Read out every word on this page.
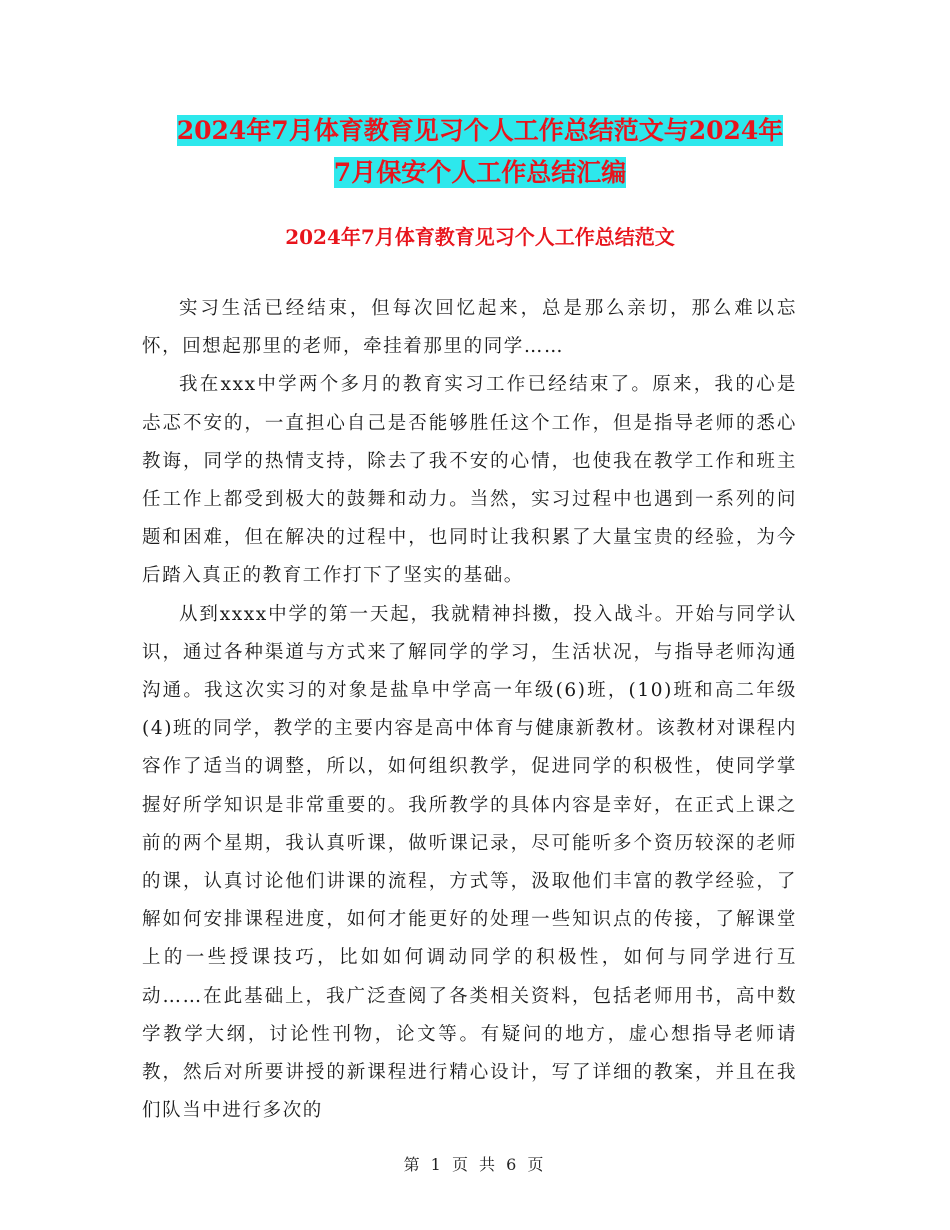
2024年7月体育教育见习个人工作总结范文与2024年
7月保安个人工作总结汇编
2024年7月体育教育见习个人工作总结范文

实习生活已经结束，但每次回忆起来，总是那么亲切，那么难以忘怀，回想起那里的老师，牵挂着那里的同学……

我在xxx中学两个多月的教育实习工作已经结束了。原来，我的心是忐忑不安的，一直担心自己是否能够胜任这个工作，但是指导老师的悉心教诲，同学的热情支持，除去了我不安的心情，也使我在教学工作和班主任工作上都受到极大的鼓舞和动力。当然，实习过程中也遇到一系列的问题和困难，但在解决的过程中，也同时让我积累了大量宝贵的经验，为今后踏入真正的教育工作打下了坚实的基础。

从到xxxx中学的第一天起，我就精神抖擞，投入战斗。开始与同学认识，通过各种渠道与方式来了解同学的学习，生活状况，与指导老师沟通沟通。我这次实习的对象是盐阜中学高一年级(6)班，(10)班和高二年级(4)班的同学，教学的主要内容是高中体育与健康新教材。该教材对课程内容作了适当的调整，所以，如何组织教学，促进同学的积极性，使同学掌握好所学知识是非常重要的。我所教学的具体内容是幸好，在正式上课之前的两个星期，我认真听课，做听课记录，尽可能听多个资历较深的老师的课，认真讨论他们讲课的流程，方式等，汲取他们丰富的教学经验，了解如何安排课程进度，如何才能更好的处理一些知识点的传接，了解课堂上的一些授课技巧，比如如何调动同学的积极性，如何与同学进行互动……在此基础上，我广泛查阅了各类相关资料，包括老师用书，高中数学教学大纲，讨论性刊物，论文等。有疑问的地方，虚心想指导老师请教，然后对所要讲授的新课程进行精心设计，写了详细的教案，并且在我们队当中进行多次的

第 1 页 共 6 页
